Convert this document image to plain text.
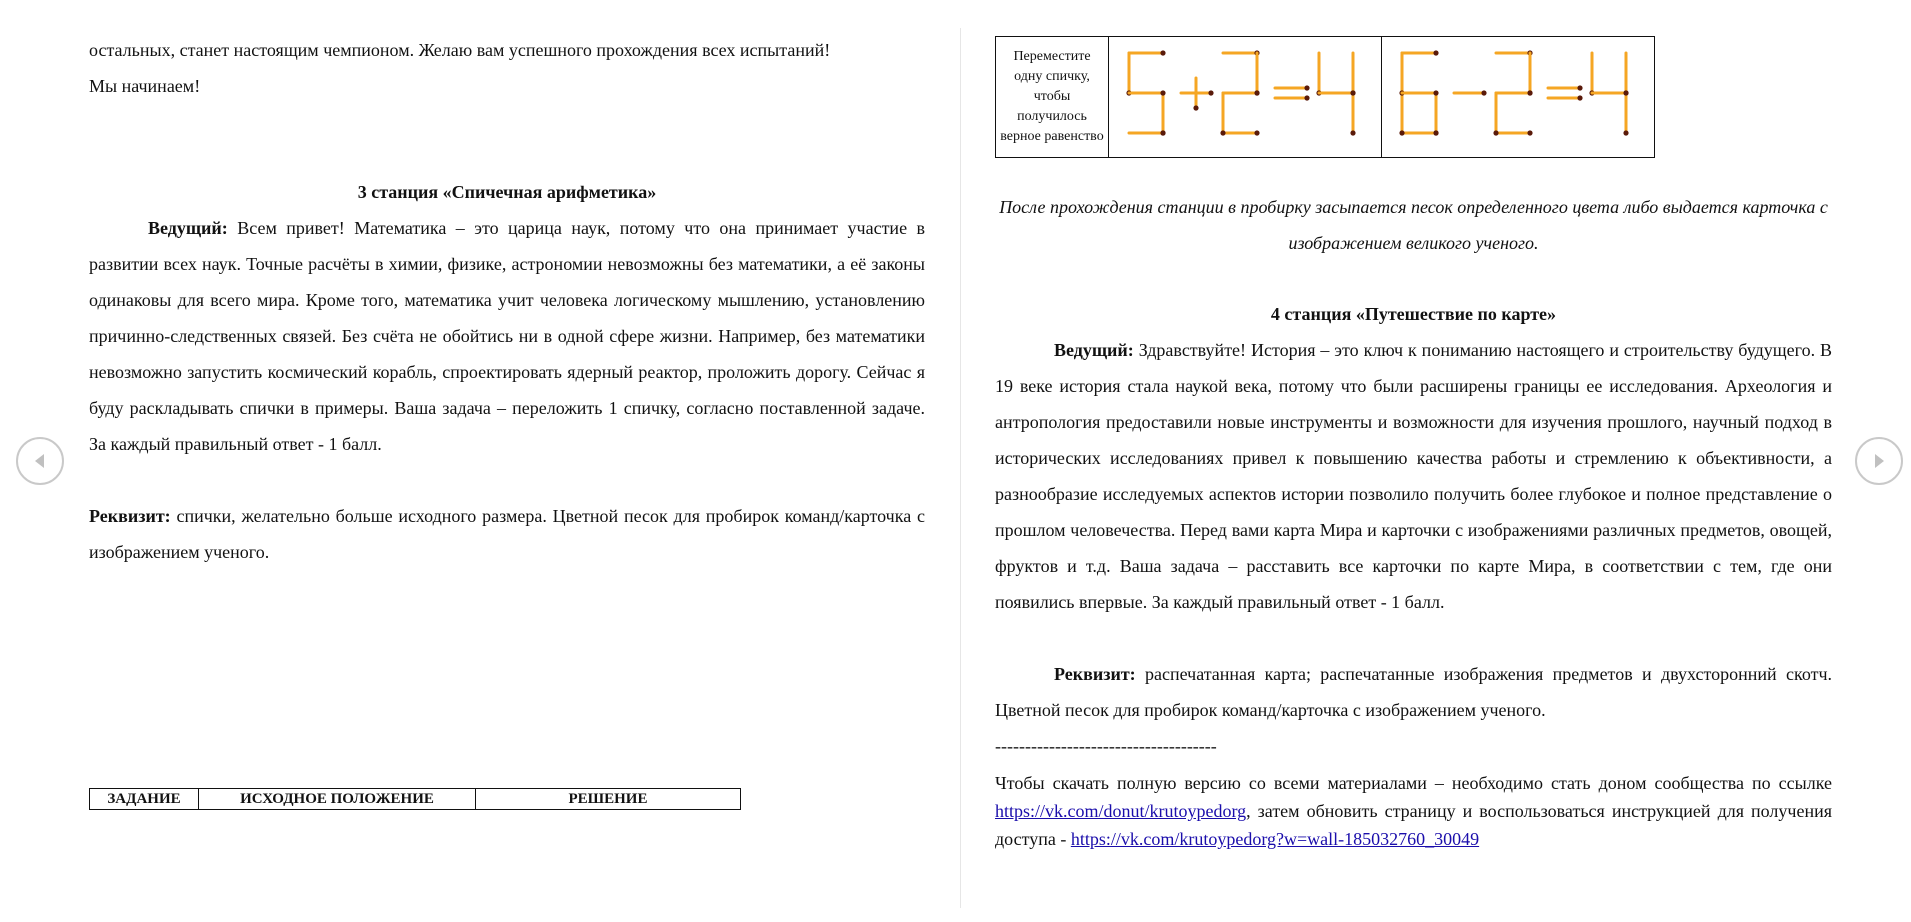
остальных, станет настоящим чемпионом. Желаю вам успешного прохождения всех испытаний!

Мы начинаем!

3 станция «Спичечная арифметика»

Ведущий: Всем привет! Математика – это царица наук, потому что она принимает участие в развитии всех наук. Точные расчёты в химии, физике, астрономии невозможны без математики, а её законы одинаковы для всего мира. Кроме того, математика учит человека логическому мышлению, установлению причинно-следственных связей. Без счёта не обойтись ни в одной сфере жизни. Например, без математики невозможно запустить космический корабль, спроектировать ядерный реактор, проложить дорогу. Сейчас я буду раскладывать спички в примеры. Ваша задача – переложить 1 спичку, согласно поставленной задаче. За каждый правильный ответ - 1 балл.

Реквизит: спички, желательно больше исходного размера. Цветной песок для пробирок команд/карточка с изображением ученого.

ЗАДАНИЕ	ИСХОДНОЕ ПОЛОЖЕНИЕ	РЕШЕНИЕ
Переместите одну спичку, чтобы получилось верное равенство	

После прохождения станции в пробирку засыпается песок определенного цвета либо выдается карточка с изображением великого ученого.

4 станция «Путешествие по карте»

Ведущий: Здравствуйте! История – это ключ к пониманию настоящего и строительству будущего. В 19 веке история стала наукой века, потому что были расширены границы ее исследования. Археология и антропология предоставили новые инструменты и возможности для изучения прошлого, научный подход в исторических исследованиях привел к повышению качества работы и стремлению к объективности, а разнообразие исследуемых аспектов истории позволило получить более глубокое и полное представление о прошлом человечества. Перед вами карта Мира и карточки с изображениями различных предметов, овощей, фруктов и т.д. Ваша задача – расставить все карточки по карте Мира, в соответствии с тем, где они появились впервые. За каждый правильный ответ - 1 балл.

Реквизит: распечатанная карта; распечатанные изображения предметов и двухсторонний скотч. Цветной песок для пробирок команд/карточка с изображением ученого.

-------------------------------------

Чтобы скачать полную версию со всеми материалами – необходимо стать доном сообщества по ссылке https://vk.com/donut/krutoypedorg, затем обновить страницу и воспользоваться инструкцией для получения доступа - https://vk.com/krutoypedorg?w=wall-185032760_30049
